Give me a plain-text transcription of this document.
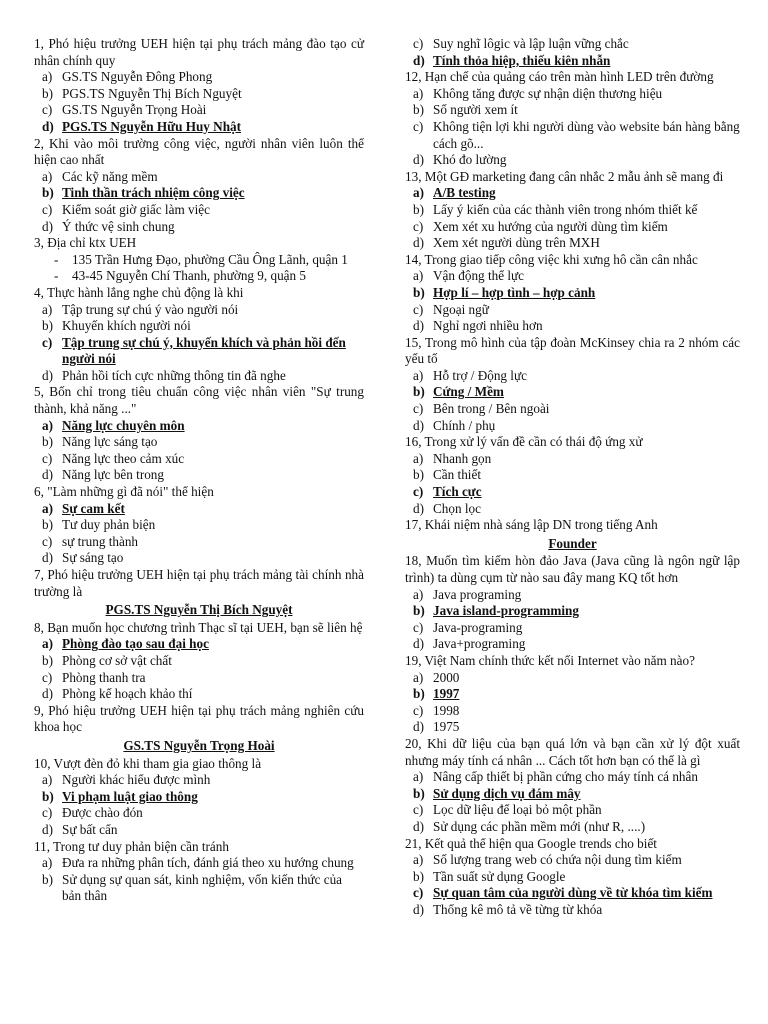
1, Phó hiệu trưởng UEH hiện tại phụ trách mảng đào tạo cử nhân chính quy
a) GS.TS Nguyễn Đông Phong
b) PGS.TS Nguyễn Thị Bích Nguyệt
c) GS.TS Nguyễn Trọng Hoài
d) PGS.TS Nguyễn Hữu Huy Nhật
2, Khi vào môi trường công việc, người nhân viên luôn thể hiện cao nhất
a) Các kỹ năng mềm
b) Tinh thần trách nhiệm công việc
c) Kiểm soát giờ giấc làm việc
d) Ý thức vệ sinh chung
3, Địa chỉ ktx UEH
-	135 Trần Hưng Đạo, phường Cầu Ông Lãnh, quận 1
-	43-45 Nguyễn Chí Thanh, phường 9, quận 5
4, Thực hành lắng nghe chủ động là khi
a) Tập trung sự chú ý vào người nói
b) Khuyến khích người nói
c) Tập trung sự chú ý, khuyến khích và phản hồi đến người nói
d) Phản hồi tích cực những thông tin đã nghe
5, Bốn chỉ trong tiêu chuẩn công việc nhân viên "Sự trung thành, khả năng ..."
a) Năng lực chuyên môn
b) Năng lực sáng tạo
c) Năng lực theo cảm xúc
d) Năng lực bên trong
6, "Làm những gì đã nói" thể hiện
a) Sự cam kết
b) Tư duy phản biện
c) sự trung thành
d) Sự sáng tạo
7, Phó hiệu trưởng UEH hiện tại phụ trách mảng tài chính nhà trường là
PGS.TS Nguyễn Thị Bích Nguyệt
8, Bạn muốn học chương trình Thạc sĩ tại UEH, bạn sẽ liên hệ
a) Phòng đào tạo sau đại học
b) Phòng cơ sở vật chất
c) Phòng thanh tra
d) Phòng kế hoạch khảo thí
9, Phó hiệu trưởng UEH hiện tại phụ trách mảng nghiên cứu khoa học
GS.TS Nguyễn Trọng Hoài
10, Vượt đèn đỏ khi tham gia giao thông là
a) Người khác hiểu được mình
b) Vi phạm luật giao thông
c) Được chào đón
d) Sự bất cẩn
11, Trong tư duy phản biện cần tránh
a) Đưa ra những phân tích, đánh giá theo xu hướng chung
b) Sử dụng sự quan sát, kinh nghiệm, vốn kiến thức của bản thân
c) Suy nghĩ lôgic và lập luận vững chắc
d) Tính thỏa hiệp, thiếu kiên nhẫn
12, Hạn chế của quảng cáo trên màn hình LED trên đường
a) Không tăng được sự nhận diện thương hiệu
b) Số người xem ít
c) Không tiện lợi khi người dùng vào website bán hàng bằng cách gõ...
d) Khó đo lường
13, Một GĐ marketing đang cân nhắc 2 mẫu ảnh sẽ mang đi
a) A/B testing
b) Lấy ý kiến của các thành viên trong nhóm thiết kế
c) Xem xét xu hướng của người dùng tìm kiếm
d) Xem xét người dùng trên MXH
14, Trong giao tiếp công việc khi xưng hô cần cân nhắc
a) Vận động thể lực
b) Hợp lí – hợp tình – hợp cảnh
c) Ngoại ngữ
d) Nghỉ ngơi nhiều hơn
15, Trong mô hình của tập đoàn McKinsey chia ra 2 nhóm các yếu tố
a) Hỗ trợ / Động lực
b) Cứng / Mềm
c) Bên trong / Bên ngoài
d) Chính / phụ
16, Trong xử lý vấn đề cần có thái độ ứng xử
a) Nhanh gọn
b) Cần thiết
c) Tích cực
d) Chọn lọc
17, Khái niệm nhà sáng lập DN trong tiếng Anh
Founder
18, Muốn tìm kiếm hòn đảo Java (Java cũng là ngôn ngữ lập trình) ta dùng cụm từ nào sau đây mang KQ tốt hơn
a) Java programing
b) Java island-programming
c) Java-programing
d) Java+programing
19, Việt Nam chính thức kết nối Internet vào năm nào?
a) 2000
b) 1997
c) 1998
d) 1975
20, Khi dữ liệu của bạn quá lớn và bạn cần xử lý đột xuất nhưng máy tính cá nhân ... Cách tốt hơn bạn có thể là gì
a) Nâng cấp thiết bị phần cứng cho máy tính cá nhân
b) Sử dụng dịch vụ đám mây
c) Lọc dữ liệu để loại bỏ một phần
d) Sử dụng các phần mềm mới (như R, ....)
21, Kết quả thể hiện qua Google trends cho biết
a) Số lượng trang web có chứa nội dung tìm kiếm
b) Tần suất sử dụng Google
c) Sự quan tâm của người dùng về từ khóa tìm kiếm
d) Thống kê mô tả về từng từ khóa
